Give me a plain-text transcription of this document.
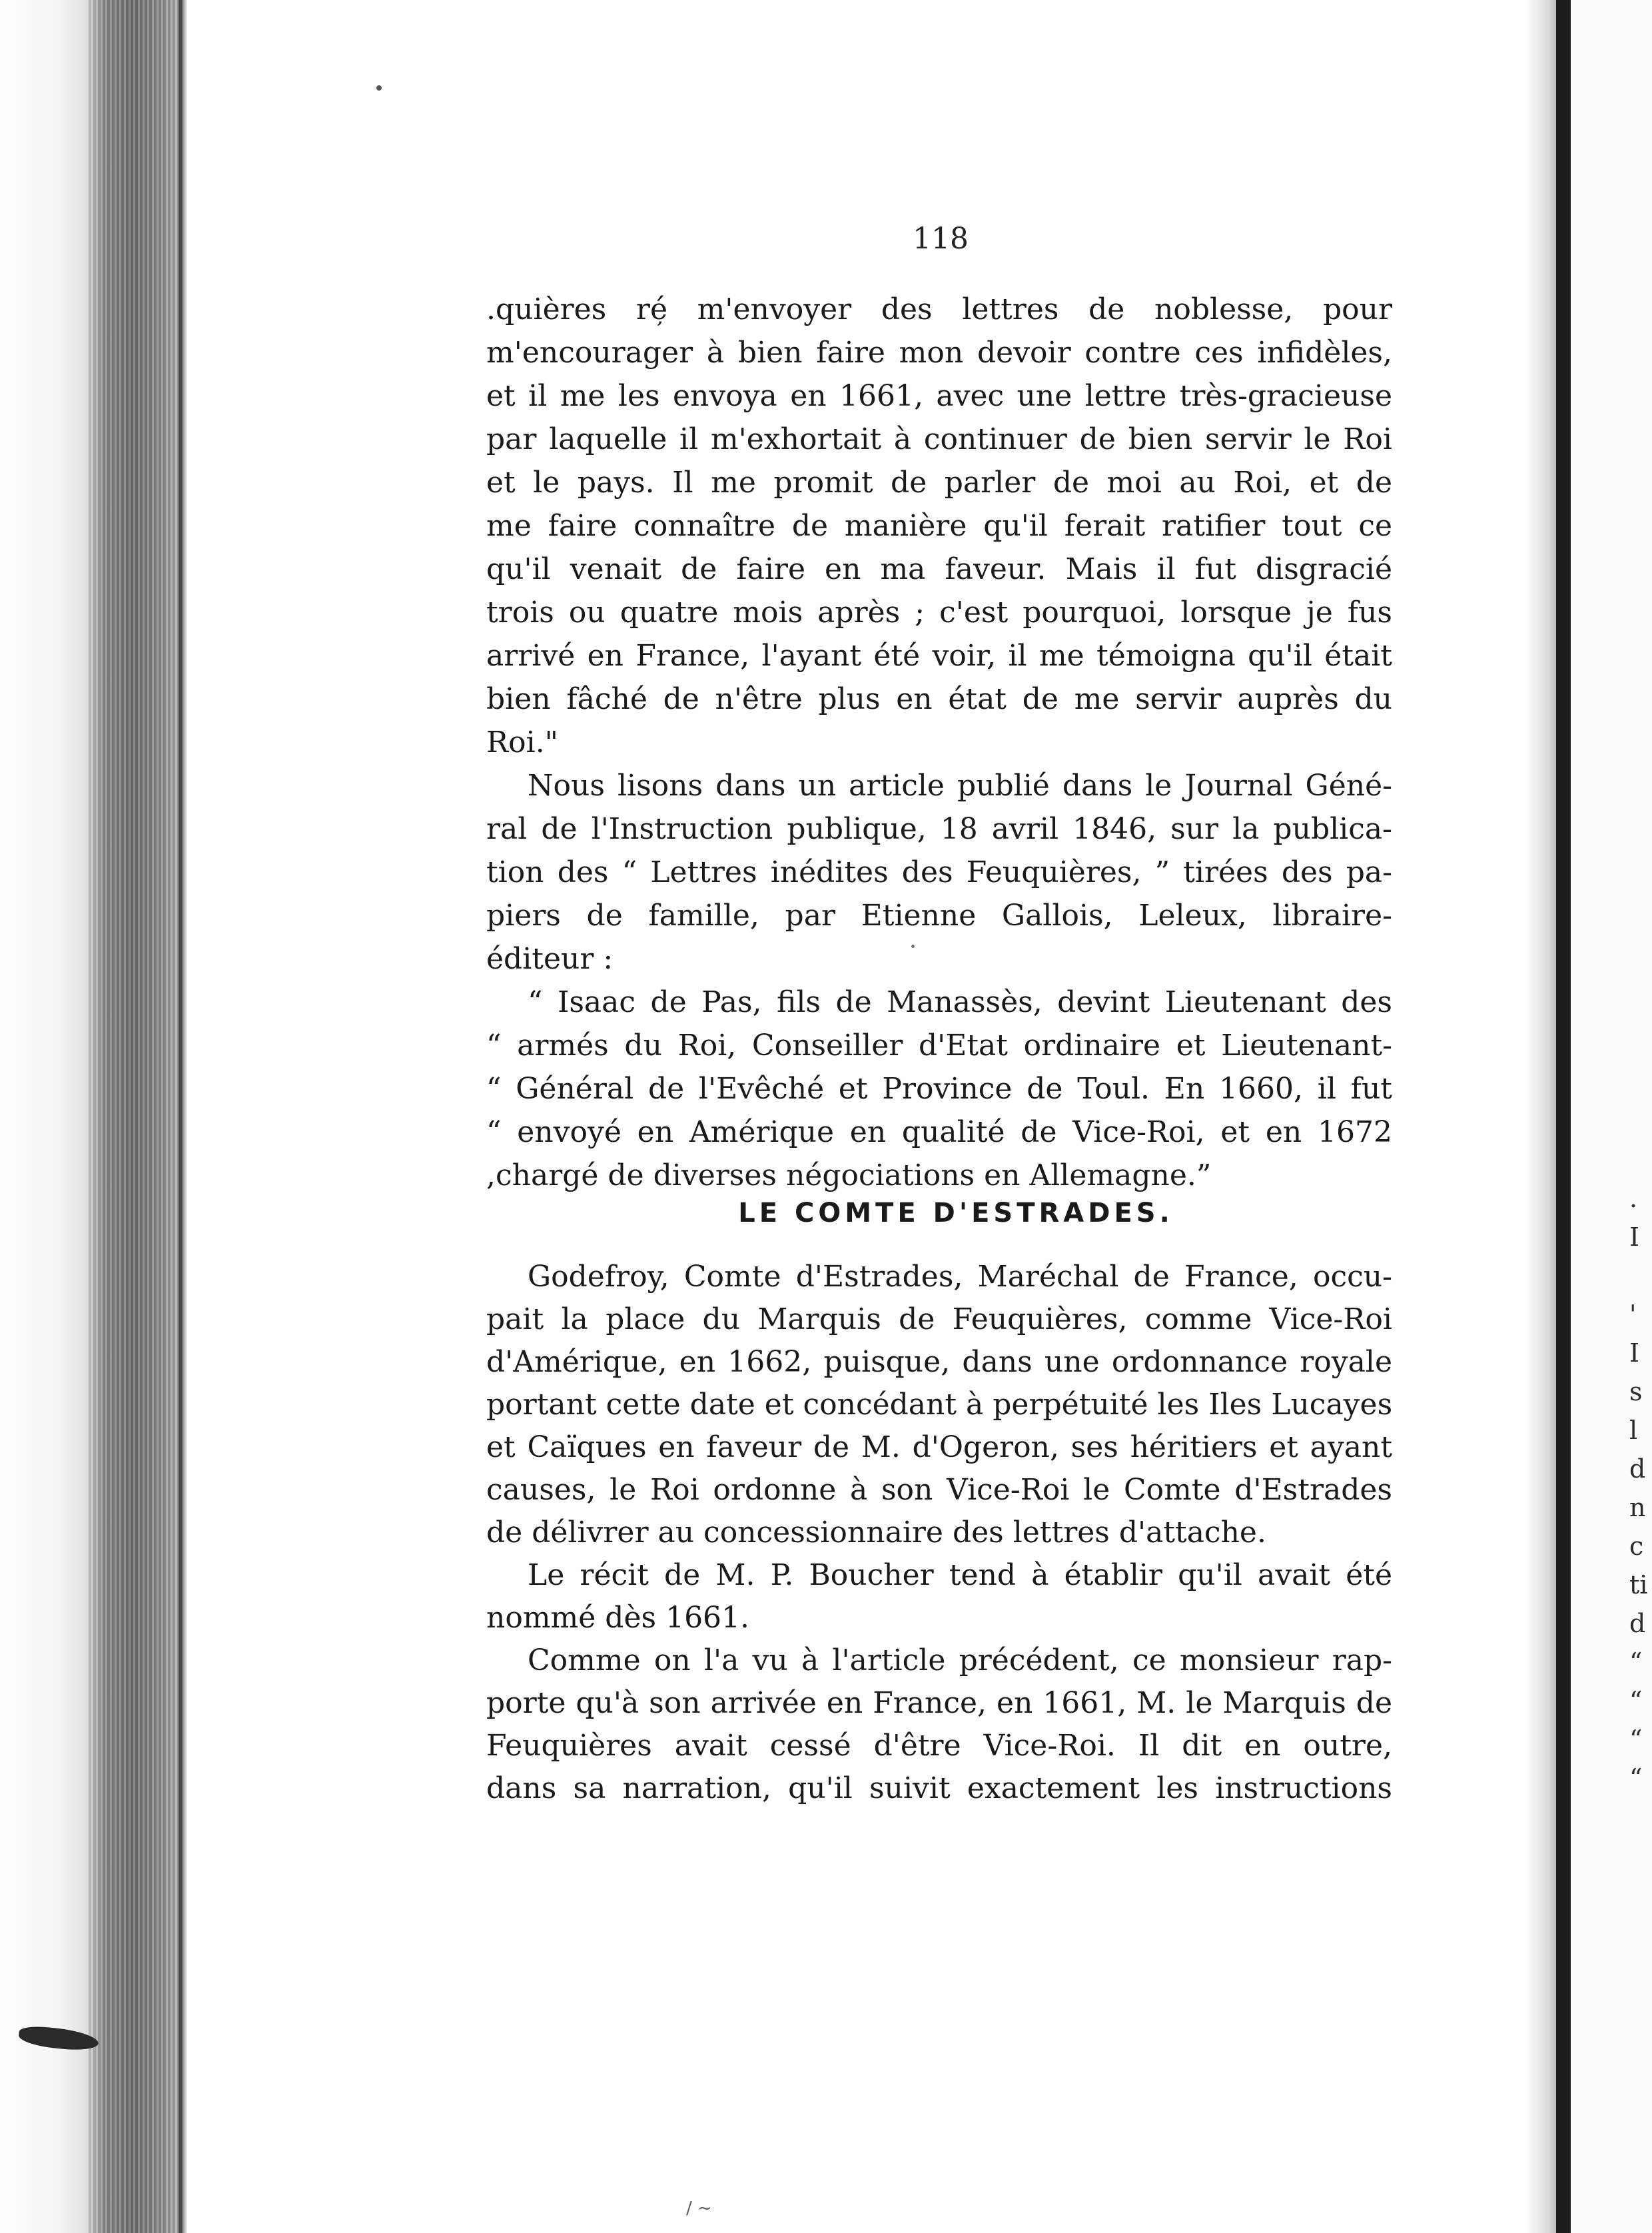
.
I
'
I
s
l
d
n
c
ti
d
“
“
“
“
118
.quières ré̦ m'envoyer des lettres de noblesse, pour
m'encourager à bien faire mon devoir contre ces infidèles,
et il me les envoya en 1661, avec une lettre très-gracieuse
par laquelle il m'exhortait à continuer de bien servir le Roi
et le pays. Il me promit de parler de moi au Roi, et de
me faire connaître de manière qu'il ferait ratifier tout ce
qu'il venait de faire en ma faveur. Mais il fut disgracié
trois ou quatre mois après ; c'est pourquoi, lorsque je fus
arrivé en France, l'ayant été voir, il me témoigna qu'il était
bien fâché de n'être plus en état de me servir auprès du
Roi."
Nous lisons dans un article publié dans le Journal Géné-
ral de l'Instruction publique, 18 avril 1846, sur la publica-
tion des “ Lettres inédites des Feuquières, ” tirées des pa-
piers de famille, par Etienne Gallois, Leleux, libraire-
éditeur :
“ Isaac de Pas, fils de Manassès, devint Lieutenant des
“ armés du Roi, Conseiller d'Etat ordinaire et Lieutenant-
“ Général de l'Evêché et Province de Toul. En 1660, il fut
“ envoyé en Amérique en qualité de Vice-Roi, et en 1672
,chargé de diverses négociations en Allemagne.”
LE COMTE D'ESTRADES.
Godefroy, Comte d'Estrades, Maréchal de France, occu-
pait la place du Marquis de Feuquières, comme Vice-Roi
d'Amérique, en 1662, puisque, dans une ordonnance royale
portant cette date et concédant à perpétuité les Iles Lucayes
et Caïques en faveur de M. d'Ogeron, ses héritiers et ayant
causes, le Roi ordonne à son Vice-Roi le Comte d'Estrades
de délivrer au concessionnaire des lettres d'attache.
Le récit de M. P. Boucher tend à établir qu'il avait été
nommé dès 1661.
Comme on l'a vu à l'article précédent, ce monsieur rap-
porte qu'à son arrivée en France, en 1661, M. le Marquis de
Feuquières avait cessé d'être Vice-Roi. Il dit en outre,
dans sa narration, qu'il suivit exactement les instructions
/ ~
